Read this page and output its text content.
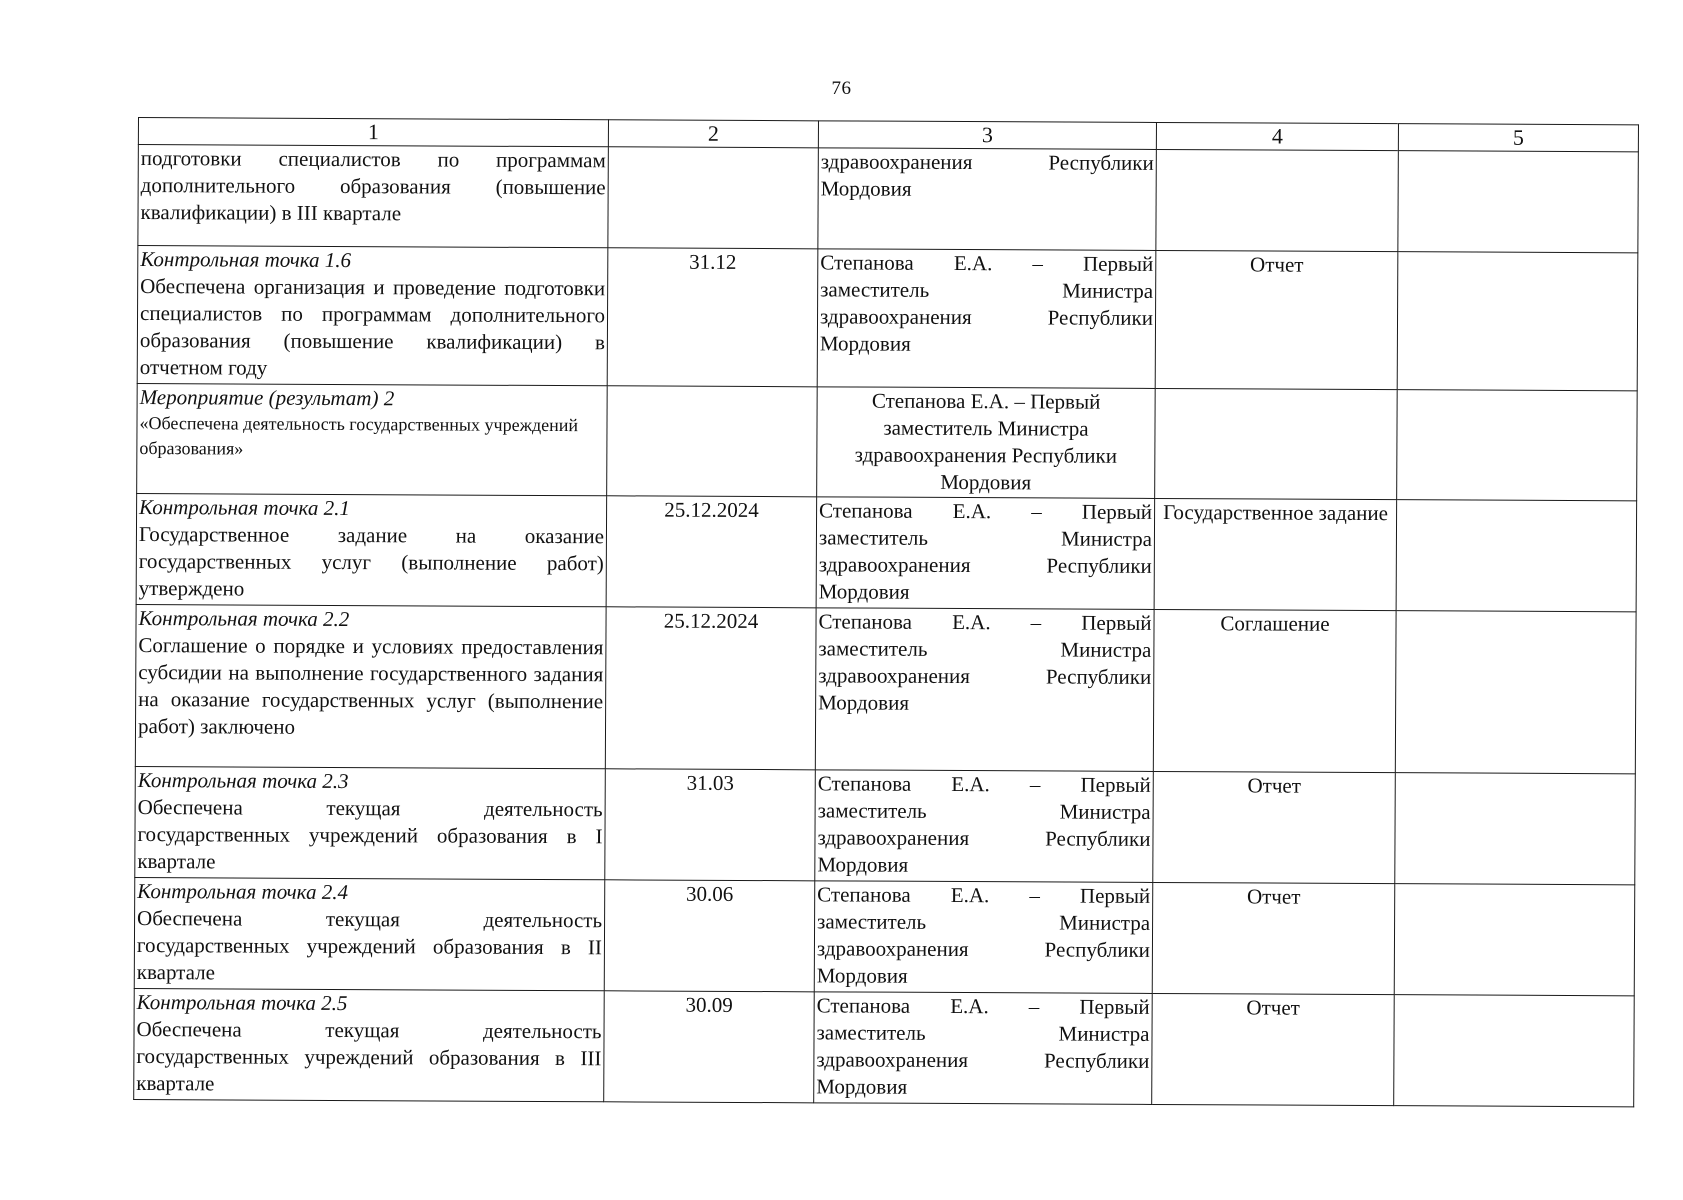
76
1	2	3	4	5

подготовки специалистов по программам дополнительного образования (повышение квалификации) в III квартале		здравоохранения Республики Мордовия		

Контрольная точка 1.6
Обеспечена организация и проведение подготовки специалистов по программам дополнительного образования (повышение квалификации) в отчетном году	31.12	Степанова Е.А. – Первый заместитель Министра здравоохранения Республики Мордовия	Отчет	

Мероприятие (результат) 2
«Обеспечена деятельность государственных учреждений образования»		Степанова Е.А. – Первый заместитель Министра здравоохранения Республики Мордовия		

Контрольная точка 2.1
Государственное задание на оказание государственных услуг (выполнение работ) утверждено	25.12.2024	Степанова Е.А. – Первый заместитель Министра здравоохранения Республики Мордовия	Государственное задание	

Контрольная точка 2.2
Соглашение о порядке и условиях предоставления субсидии на выполнение государственного задания на оказание государственных услуг (выполнение работ) заключено	25.12.2024	Степанова Е.А. – Первый заместитель Министра здравоохранения Республики Мордовия	Соглашение	

Контрольная точка 2.3
Обеспечена текущая деятельность государственных учреждений образования в I квартале	31.03	Степанова Е.А. – Первый заместитель Министра здравоохранения Республики Мордовия	Отчет	

Контрольная точка 2.4
Обеспечена текущая деятельность государственных учреждений образования в II квартале	30.06	Степанова Е.А. – Первый заместитель Министра здравоохранения Республики Мордовия	Отчет	

Контрольная точка 2.5
Обеспечена текущая деятельность государственных учреждений образования в III квартале	30.09	Степанова Е.А. – Первый заместитель Министра здравоохранения Республики Мордовия	Отчет	
